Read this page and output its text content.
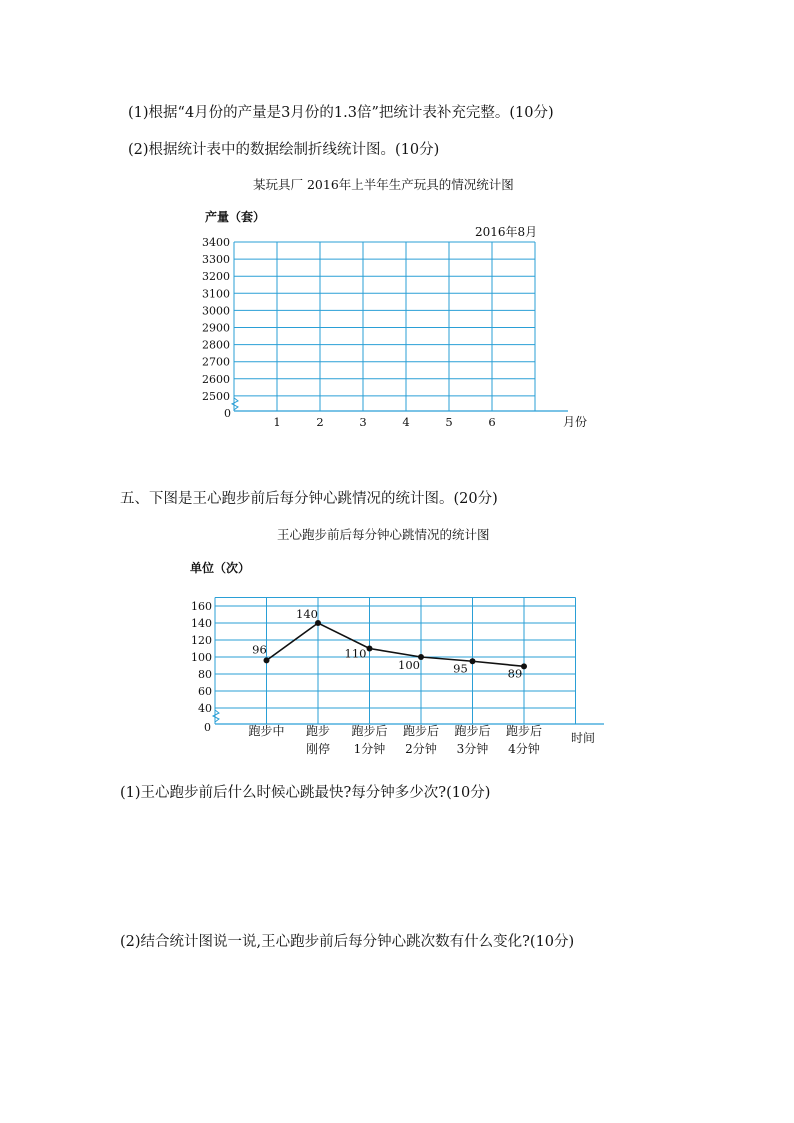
(1)根据“4月份的产量是3月份的1.3倍”把统计表补充完整。(10分)
(2)根据统计表中的数据绘制折线统计图。(10分)
某玩具厂 2016年上半年生产玩具的情况统计图
五、下图是王心跑步前后每分钟心跳情况的统计图。(20分)
王心跑步前后每分钟心跳情况的统计图
(1)王心跑步前后什么时候心跳最快?每分钟多少次?(10分)
(2)结合统计图说一说,王心跑步前后每分钟心跳次数有什么变化?(10分)
产量（套）
2016年8月
月份
0
2500
2600
2700
2800
2900
3000
3100
3200
3300
3400
1	2	3	4	5	6
单位（次）
时间
0
40
60
80
100
120
140
160
96
140
110
100	95	89
跑步中 跑步
刚停
跑步后
1分钟
跑步后
2分钟
跑步后
3分钟
跑步后
4分钟
